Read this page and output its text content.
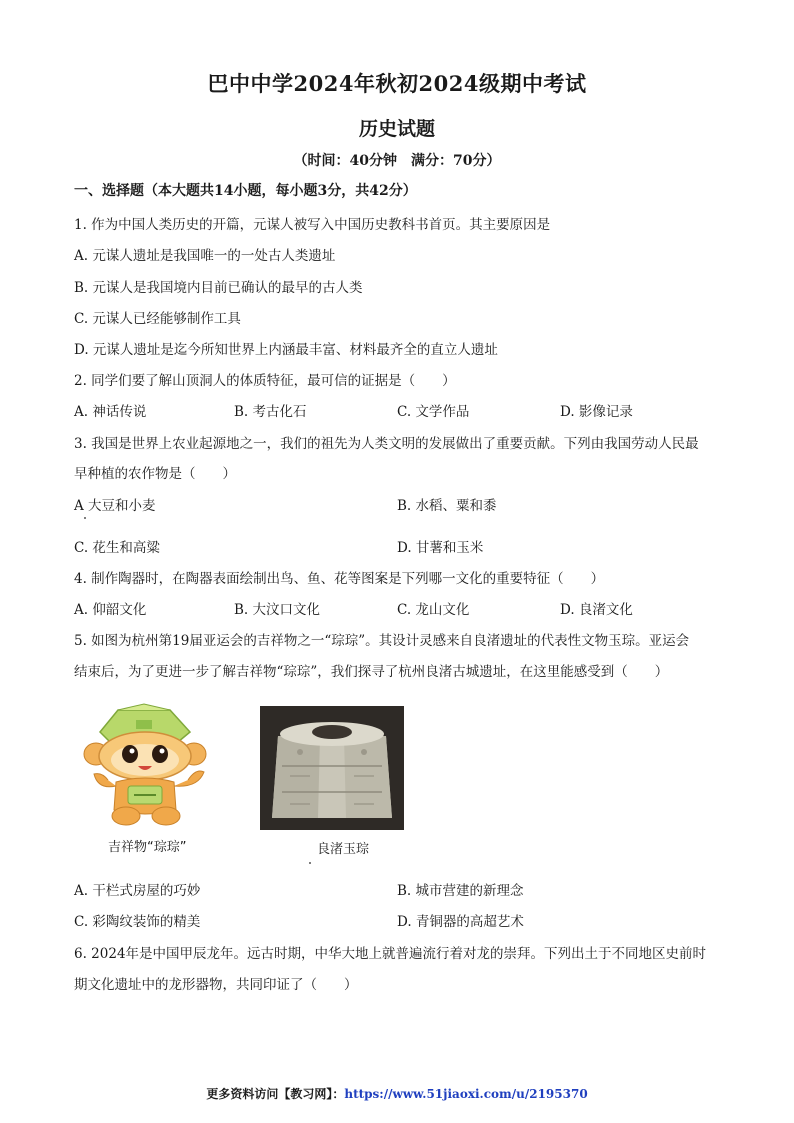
巴中中学2024年秋初2024级期中考试
历史试题
（时间：40分钟　满分：70分）
一、选择题（本大题共14小题，每小题3分，共42分）
1. 作为中国人类历史的开篇，元谋人被写入中国历史教科书首页。其主要原因是
A. 元谋人遗址是我国唯一的一处古人类遗址
B. 元谋人是我国境内目前已确认的最早的古人类
C. 元谋人已经能够制作工具
D. 元谋人遗址是迄今所知世界上内涵最丰富、材料最齐全的直立人遗址
2. 同学们要了解山顶洞人的体质特征，最可信的证据是（　　）
A. 神话传说	B. 考古化石	C. 文学作品	D. 影像记录
3. 我国是世界上农业起源地之一，我们的祖先为人类文明的发展做出了重要贡献。下列由我国劳动人民最
早种植的农作物是（　　）
A 大豆和小麦	B. 水稻、粟和黍
C. 花生和高粱	D. 甘薯和玉米
4. 制作陶器时，在陶器表面绘制出鸟、鱼、花等图案是下列哪一文化的重要特征（　　）
A. 仰韶文化	B. 大汶口文化	C. 龙山文化	D. 良渚文化
5. 如图为杭州第19届亚运会的吉祥物之一“琮琮”。其设计灵感来自良渚遗址的代表性文物玉琮。亚运会
结束后，为了更进一步了解吉祥物“琮琮”，我们探寻了杭州良渚古城遗址，在这里能感受到（　　）
吉祥物“琮琮”	良渚玉琮
A. 干栏式房屋的巧妙	B. 城市营建的新理念
C. 彩陶纹装饰的精美	D. 青铜器的高超艺术
6. 2024年是中国甲辰龙年。远古时期，中华大地上就普遍流行着对龙的崇拜。下列出土于不同地区史前时
期文化遗址中的龙形器物，共同印证了（　　）
更多资料访问【教习网】：https://www.51jiaoxi.com/u/2195370
